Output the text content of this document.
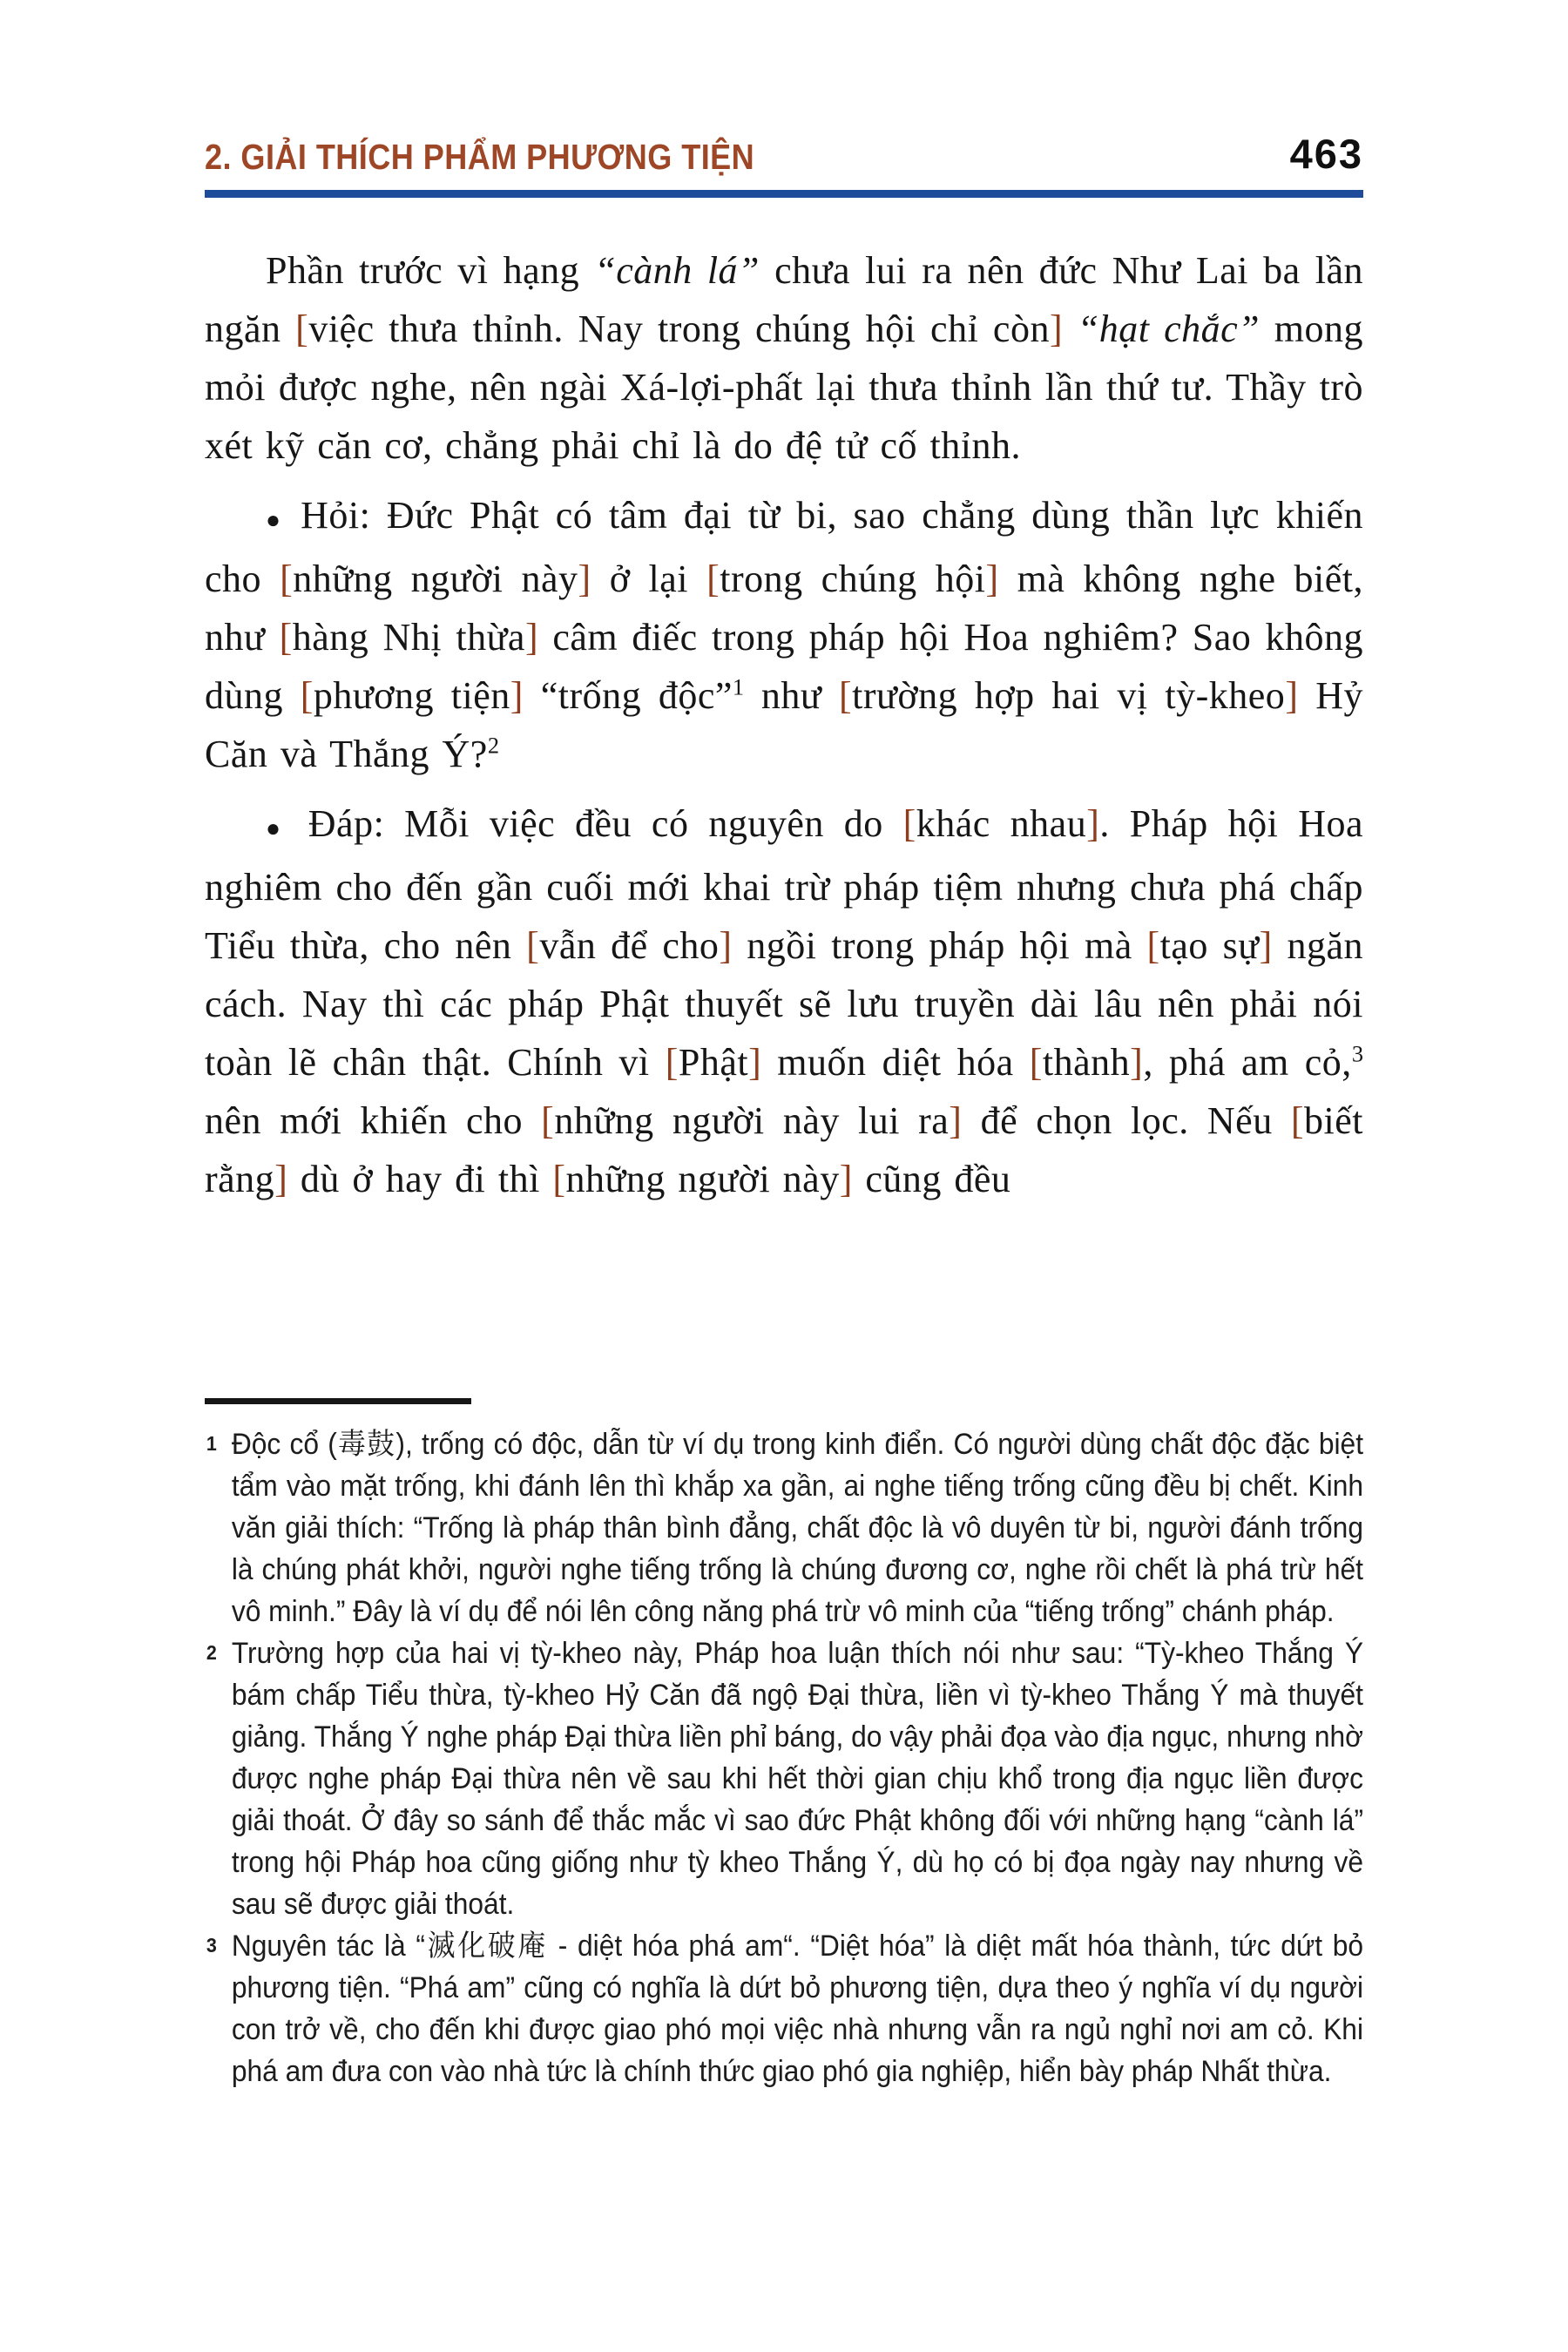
2. GIẢI THÍCH PHẨM PHƯƠNG TIỆN	463

Phần trước vì hạng “cành lá” chưa lui ra nên đức Như Lai ba lần ngăn [việc thưa thỉnh. Nay trong chúng hội chỉ còn] “hạt chắc” mong mỏi được nghe, nên ngài Xá-lợi-phất lại thưa thỉnh lần thứ tư. Thầy trò xét kỹ căn cơ, chẳng phải chỉ là do đệ tử cố thỉnh.

● Hỏi: Đức Phật có tâm đại từ bi, sao chẳng dùng thần lực khiến cho [những người này] ở lại [trong chúng hội] mà không nghe biết, như [hàng Nhị thừa] câm điếc trong pháp hội Hoa nghiêm? Sao không dùng [phương tiện] “trống độc”$^1$ như [trường hợp hai vị tỳ-kheo] Hỷ Căn và Thắng Ý?$^2$

● Đáp: Mỗi việc đều có nguyên do [khác nhau]. Pháp hội Hoa nghiêm cho đến gần cuối mới khai trừ pháp tiệm nhưng chưa phá chấp Tiểu thừa, cho nên [vẫn để cho] ngồi trong pháp hội mà [tạo sự] ngăn cách. Nay thì các pháp Phật thuyết sẽ lưu truyền dài lâu nên phải nói toàn lẽ chân thật. Chính vì [Phật] muốn diệt hóa [thành], phá am cỏ,$^3$ nên mới khiến cho [những người này lui ra] để chọn lọc. Nếu [biết rằng] dù ở hay đi thì [những người này] cũng đều

1 Độc cổ (毒鼓), trống có độc, dẫn từ ví dụ trong kinh điển. Có người dùng chất độc đặc biệt tẩm vào mặt trống, khi đánh lên thì khắp xa gần, ai nghe tiếng trống cũng đều bị chết. Kinh văn giải thích: “Trống là pháp thân bình đẳng, chất độc là vô duyên từ bi, người đánh trống là chúng phát khởi, người nghe tiếng trống là chúng đương cơ, nghe rồi chết là phá trừ hết vô minh.” Đây là ví dụ để nói lên công năng phá trừ vô minh của “tiếng trống” chánh pháp.
2 Trường hợp của hai vị tỳ-kheo này, Pháp hoa luận thích nói như sau: “Tỳ-kheo Thắng Ý bám chấp Tiểu thừa, tỳ-kheo Hỷ Căn đã ngộ Đại thừa, liền vì tỳ-kheo Thắng Ý mà thuyết giảng. Thắng Ý nghe pháp Đại thừa liền phỉ báng, do vậy phải đọa vào địa ngục, nhưng nhờ được nghe pháp Đại thừa nên về sau khi hết thời gian chịu khổ trong địa ngục liền được giải thoát. Ở đây so sánh để thắc mắc vì sao đức Phật không đối với những hạng “cành lá” trong hội Pháp hoa cũng giống như tỳ kheo Thắng Ý, dù họ có bị đọa ngày nay nhưng về sau sẽ được giải thoát.
3 Nguyên tác là “滅化破庵 - diệt hóa phá am“. “Diệt hóa” là diệt mất hóa thành, tức dứt bỏ phương tiện. “Phá am” cũng có nghĩa là dứt bỏ phương tiện, dựa theo ý nghĩa ví dụ người con trở về, cho đến khi được giao phó mọi việc nhà nhưng vẫn ra ngủ nghỉ nơi am cỏ. Khi phá am đưa con vào nhà tức là chính thức giao phó gia nghiệp, hiển bày pháp Nhất thừa.
